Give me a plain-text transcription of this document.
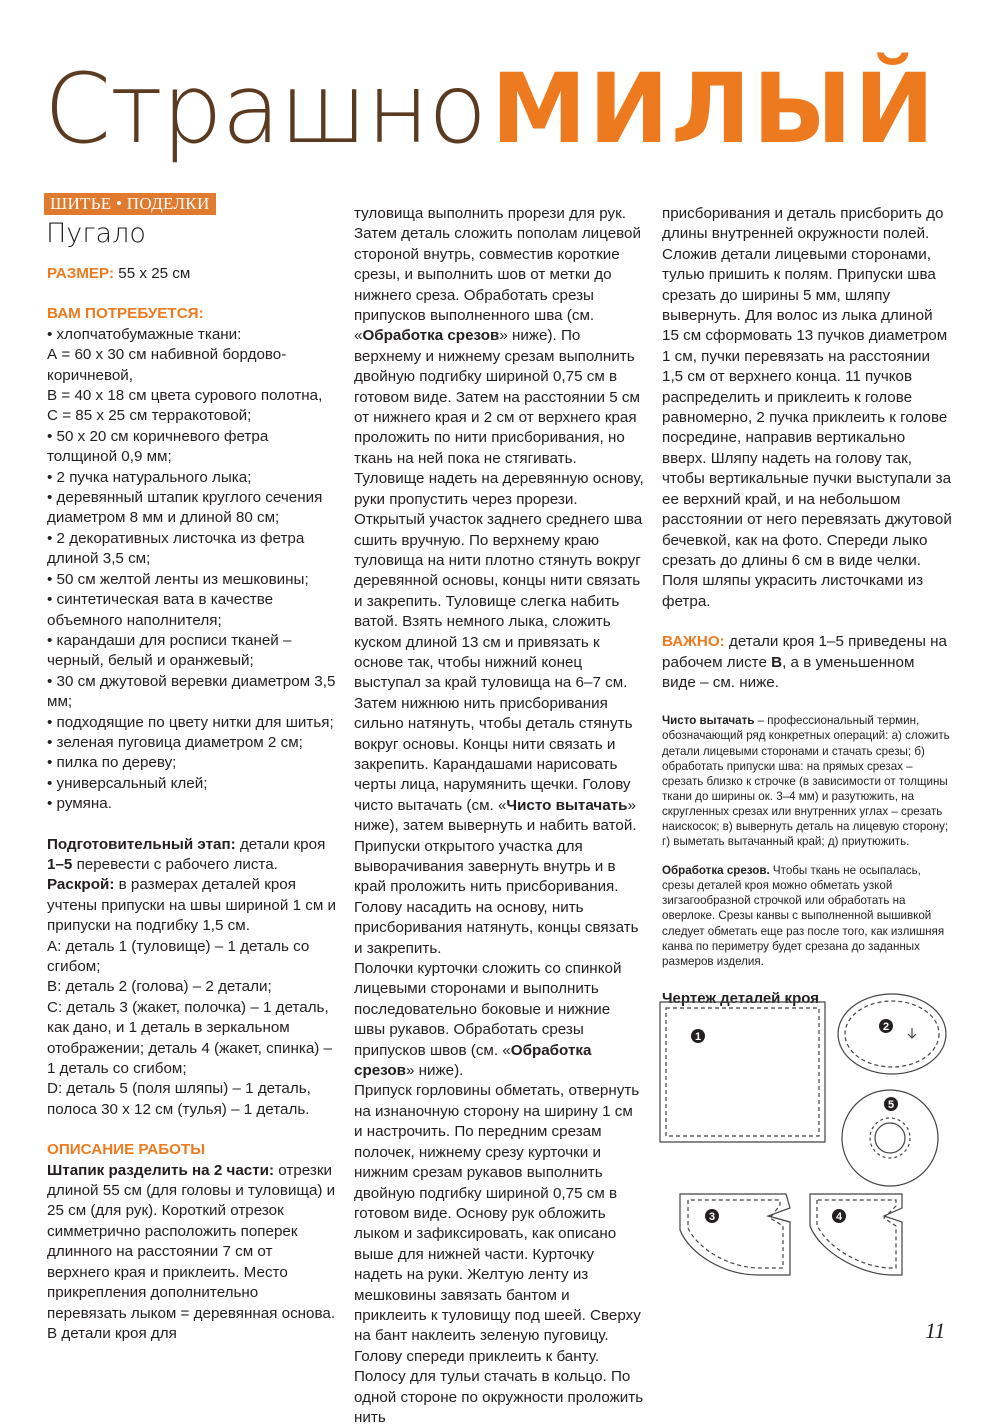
Страшно МИЛЫЙ
ШИТЬЕ • ПОДЕЛКИ
Пугало

РАЗМЕР: 55 х 25 см

ВАМ ПОТРЕБУЕТСЯ:

• хлопчатобумажные ткани:

А = 60 х 30 см набивной бордово-коричневой,

В = 40 х 18 см цвета сурового полотна,

С = 85 х 25 см терракотовой;

• 50 х 20 см коричневого фетра толщиной 0,9 мм;

• 2 пучка натурального лыка;

• деревянный штапик круглого сечения диаметром 8 мм и длиной 80 см;

• 2 декоративных листочка из фетра длиной 3,5 см;

• 50 см желтой ленты из мешковины;

• синтетическая вата в качестве объемного наполнителя;

• карандаши для росписи тканей – черный, белый и оранжевый;

• 30 см джутовой веревки диаметром 3,5 мм;

• подходящие по цвету нитки для шитья;

• зеленая пуговица диаметром 2 см;

• пилка по дереву;

• универсальный клей;

• румяна.

Подготовительный этап: детали кроя 1–5 перевести с рабочего листа.

Раскрой: в размерах деталей кроя учтены припуски на швы шириной 1 см и припуски на подгибку 1,5 см.

А: деталь 1 (туловище) – 1 деталь со сгибом;

В: деталь 2 (голова) – 2 детали;

С: деталь 3 (жакет, полочка) – 1 деталь, как дано, и 1 деталь в зеркальном отображении; деталь 4 (жакет, спинка) – 1 деталь со сгибом;

D: деталь 5 (поля шляпы) – 1 деталь, полоса 30 х 12 см (тулья) – 1 деталь.

ОПИСАНИЕ РАБОТЫ

Штапик разделить на 2 части: отрезки длиной 55 см (для головы и туловища) и 25 см (для рук). Короткий отрезок симметрично расположить поперек длинного на расстоянии 7 см от верхнего края и приклеить. Место прикрепления дополнительно перевязать лыком = деревянная основа. В детали кроя для

туловища выполнить прорези для рук. Затем деталь сложить пополам лицевой стороной внутрь, совместив короткие срезы, и выполнить шов от метки до нижнего среза. Обработать срезы припусков выполненного шва (см. «Обработка срезов» ниже). По верхнему и нижнему срезам выполнить двойную подгибку шириной 0,75 см в готовом виде. Затем на расстоянии 5 см от нижнего края и 2 см от верхнего края проложить по нити присборивания, но ткань на ней пока не стягивать.

Туловище надеть на деревянную основу, руки пропустить через прорези. Открытый участок заднего среднего шва сшить вручную. По верхнему краю туловища на нити плотно стянуть вокруг деревянной основы, концы нити связать и закрепить. Туловище слегка набить ватой. Взять немного лыка, сложить куском длиной 13 см и привязать к основе так, чтобы нижний конец выступал за край туловища на 6–7 см. Затем нижнюю нить присборивания сильно натянуть, чтобы деталь стянуть вокруг основы. Концы нити связать и закрепить. Карандашами нарисовать черты лица, нарумянить щечки. Голову чисто вытачать (см. «Чисто вытачать» ниже), затем вывернуть и набить ватой. Припуски открытого участка для выворачивания завернуть внутрь и в край проложить нить присборивания. Голову насадить на основу, нить присборивания натянуть, концы связать и закрепить.

Полочки курточки сложить со спинкой лицевыми сторонами и выполнить последовательно боковые и нижние швы рукавов. Обработать срезы припусков швов (см. «Обработка срезов» ниже).

Припуск горловины обметать, отвернуть на изнаночную сторону на ширину 1 см и настрочить. По передним срезам полочек, нижнему срезу курточки и нижним срезам рукавов выполнить двойную подгибку шириной 0,75 см в готовом виде. Основу рук обложить лыком и зафиксировать, как описано выше для нижней части. Курточку надеть на руки. Желтую ленту из мешковины завязать бантом и приклеить к туловищу под шеей. Сверху на бант наклеить зеленую пуговицу. Голову спереди приклеить к банту. Полосу для тульи стачать в кольцо. По одной стороне по окружности проложить нить

присборивания и деталь присборить до длины внутренней окружности полей. Сложив детали лицевыми сторонами, тулью пришить к полям. Припуски шва срезать до ширины 5 мм, шляпу вывернуть. Для волос из лыка длиной 15 см сформовать 13 пучков диаметром 1 см, пучки перевязать на расстоянии 1,5 см от верхнего конца. 11 пучков распределить и приклеить к голове равномерно, 2 пучка приклеить к голове посредине, направив вертикально вверх. Шляпу надеть на голову так, чтобы вертикальные пучки выступали за ее верхний край, и на небольшом расстоянии от него перевязать джутовой бечевкой, как на фото. Спереди лыко срезать до длины 6 см в виде челки. Поля шляпы украсить листочками из фетра.

ВАЖНО: детали кроя 1–5 приведены на рабочем листе В, а в уменьшенном виде – см. ниже.

Чисто вытачать – профессиональный термин, обозначающий ряд конкретных операций: а) сложить детали лицевыми сторонами и стачать срезы; б) обработать припуски шва: на прямых срезах – срезать близко к строчке (в зависимости от толщины ткани до ширины ок. 3–4 мм) и разутюжить, на скругленных срезах или внутренних углах – срезать наискосок; в) вывернуть деталь на лицевую сторону; г) выметать вытачанный край; д) приутюжить.

Обработка срезов. Чтобы ткань не осыпалась, срезы деталей кроя можно обметать узкой зигзагообразной строчкой или обработать на оверлоке. Срезы канвы с выполненной вышивкой следует обметать еще раз после того, как излишняя канва по периметру будет срезана до заданных размеров изделия.

Чертеж деталей кроя

1
2
3	4
5
11
